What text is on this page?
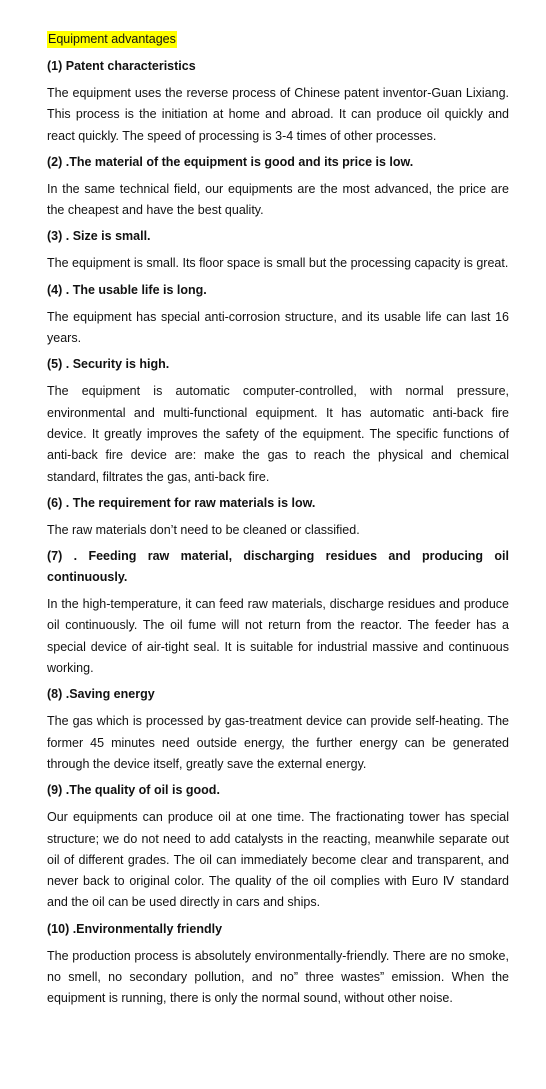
Equipment advantages
(1) Patent characteristics
The equipment uses the reverse process of Chinese patent inventor-Guan Lixiang. This process is the initiation at home and abroad. It can produce oil quickly and react quickly. The speed of processing is 3-4 times of other processes.
(2) .The material of the equipment is good and its price is low.
In the same technical field, our equipments are the most advanced, the price are the cheapest and have the best quality.
(3) . Size is small.
The equipment is small. Its floor space is small but the processing capacity is great.
(4) . The usable life is long.
The equipment has special anti-corrosion structure, and its usable life can last 16 years.
(5) . Security is high.
The equipment is automatic computer-controlled, with normal pressure, environmental and multi-functional equipment. It has automatic anti-back fire device. It greatly improves the safety of the equipment. The specific functions of anti-back fire device are: make the gas to reach the physical and chemical standard, filtrates the gas, anti-back fire.
(6) . The requirement for raw materials is low.
The raw materials don’t need to be cleaned or classified.
(7) . Feeding raw material, discharging residues and producing oil continuously.
In the high-temperature, it can feed raw materials, discharge residues and produce oil continuously. The oil fume will not return from the reactor. The feeder has a special device of air-tight seal. It is suitable for industrial massive and continuous working.
(8) .Saving energy
The gas which is processed by gas-treatment device can provide self-heating. The former 45 minutes need outside energy, the further energy can be generated through the device itself, greatly save the external energy.
(9) .The quality of oil is good.
Our equipments can produce oil at one time. The fractionating tower has special structure; we do not need to add catalysts in the reacting, meanwhile separate out oil of different grades. The oil can immediately become clear and transparent, and never back to original color. The quality of the oil complies with Euro Ⅳ standard and the oil can be used directly in cars and ships.
(10) .Environmentally friendly
The production process is absolutely environmentally-friendly. There are no smoke, no smell, no secondary pollution, and no” three wastes” emission. When the equipment is running, there is only the normal sound, without other noise.
